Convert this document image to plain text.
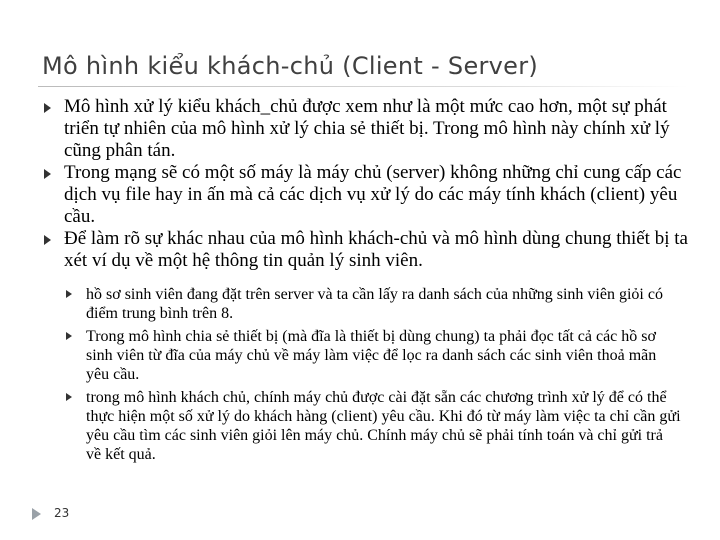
Mô hình kiểu khách-chủ (Client - Server)
Mô hình xử lý kiểu khách_chủ được xem như là một mức cao hơn, một sự phát triển tự nhiên của mô hình xử lý chia sẻ thiết bị. Trong mô hình này chính xử lý cũng phân tán.
Trong mạng sẽ có một số máy là máy chủ (server) không những chỉ cung cấp các dịch vụ file hay in ấn mà cả các dịch vụ xử lý do các máy tính khách (client) yêu cầu.
Để làm rõ sự khác nhau của mô hình khách-chủ và mô hình dùng chung thiết bị ta xét ví dụ về một hệ thông tin quản lý sinh viên.
hồ sơ sinh viên đang đặt trên server và ta cần lấy ra danh sách của những sinh viên giỏi có điểm trung bình trên 8.
Trong mô hình chia sẻ thiết bị (mà đĩa là thiết bị dùng chung) ta phải đọc tất cả các hồ sơ sinh viên từ đĩa của máy chủ về máy làm việc để lọc ra danh sách các sinh viên thoả mãn yêu cầu.
trong mô hình khách chủ, chính máy chủ được cài đặt sẵn các chương trình xử lý để có thể thực hiện một số xử lý do khách hàng (client) yêu cầu. Khi đó từ máy làm việc ta chỉ cần gửi yêu cầu tìm các sinh viên giỏi lên máy chủ. Chính máy chủ sẽ phải tính toán và chỉ gửi trả về kết quả.
23
